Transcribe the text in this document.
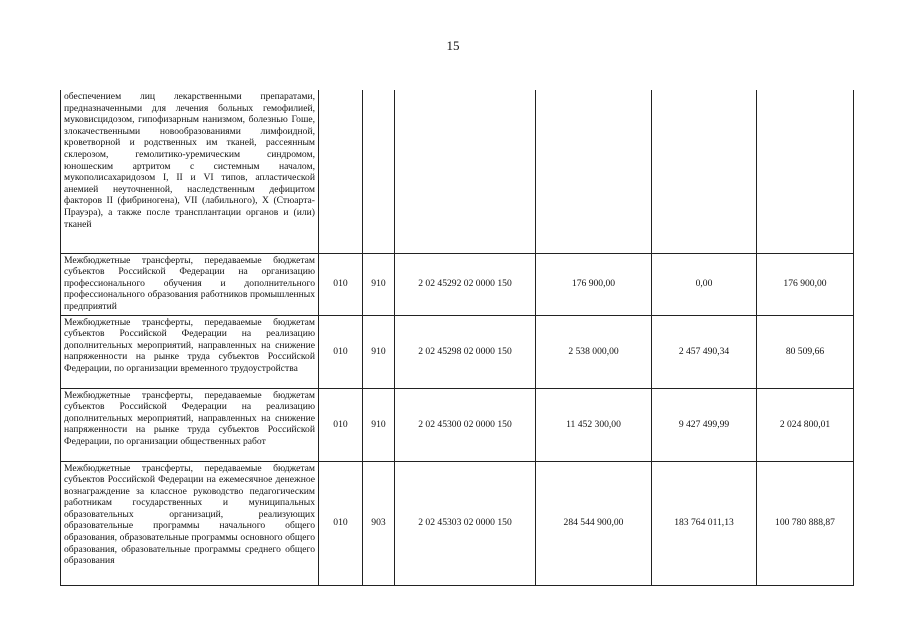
15
обеспечением лиц лекарственными препаратами, предназначенными для лечения больных гемофилией, муковисцидозом, гипофизарным нанизмом, болезнью Гоше, злокачественными новообразованиями лимфоидной, кроветворной и родственных им тканей, рассеянным склерозом, гемолитико-уремическим синдромом, юношеским артритом с системным началом, мукополисахаридозом I, II и VI типов, апластической анемией неуточненной, наследственным дефицитом факторов II (фибриногена), VII (лабильного), X (Стюарта-Прауэра), а также после трансплантации органов и (или) тканей						
Межбюджетные трансферты, передаваемые бюджетам субъектов Российской Федерации на организацию профессионального обучения и дополнительного профессионального образования работников промышленных предприятий	010	910	2 02 45292 02 0000 150	176 900,00	0,00	176 900,00
Межбюджетные трансферты, передаваемые бюджетам субъектов Российской Федерации на реализацию дополнительных мероприятий, направленных на снижение напряженности на рынке труда субъектов Российской Федерации, по организации временного трудоустройства	010	910	2 02 45298 02 0000 150	2 538 000,00	2 457 490,34	80 509,66
Межбюджетные трансферты, передаваемые бюджетам субъектов Российской Федерации на реализацию дополнительных мероприятий, направленных на снижение напряженности на рынке труда субъектов Российской Федерации, по организации общественных работ	010	910	2 02 45300 02 0000 150	11 452 300,00	9 427 499,99	2 024 800,01
Межбюджетные трансферты, передаваемые бюджетам субъектов Российской Федерации на ежемесячное денежное вознаграждение за классное руководство педагогическим работникам государственных и муниципальных образовательных организаций, реализующих образовательные программы начального общего образования, образовательные программы основного общего образования, образовательные программы среднего общего образования	010	903	2 02 45303 02 0000 150	284 544 900,00	183 764 011,13	100 780 888,87
